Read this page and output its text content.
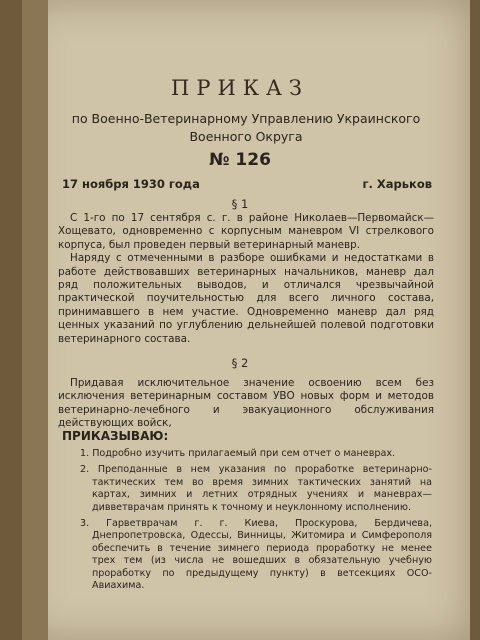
ПРИКАЗ
по Военно-Ветеринарному Управлению Украинского Военного Округа
№ 126
17 ноября 1930 года	г. Харьков
§ 1

С 1-го по 17 сентября с. г. в районе Николаев—Первомайск—Хощевато, одновременно с корпусным маневром VI стрелкового корпуса, был проведен первый ветеринарный маневр.

Наряду с отмеченными в разборе ошибками и недостатками в работе действовавших ветеринарных начальников, маневр дал ряд положительных выводов, и отличался чрезвычайной практической поучительностью для всего личного состава, принимавшего в нем участие. Одновременно маневр дал ряд ценных указаний по углублению дельнейшей полевой подготовки ветеринарного состава.

§ 2

Придавая исключительное значение освоению всем без исключения ветеринарным составом УВО новых форм и методов ветеринарно-лечебного и эвакуационного обслуживания действующих войск,

ПРИКАЗЫВАЮ:
1. Подробно изучить прилагаемый при сем отчет о маневрах.
2. Преподанные в нем указания по проработке ветеринарно-тактических тем во время зимних тактических занятий на картах, зимних и летних отрядных учениях и маневрах—дивветврачам принять к точному и неуклонному исполнению.
3. Гарветврачам г. г. Киева, Проскурова, Бердичева, Днепропетровска, Одессы, Винницы, Житомира и Симферополя обеспечить в течение зимнего периода проработку не менее трех тем (из числа не вошедших в обязательную учебную проработку по предыдущему пункту) в ветсекциях ОСО-Авиахима.
